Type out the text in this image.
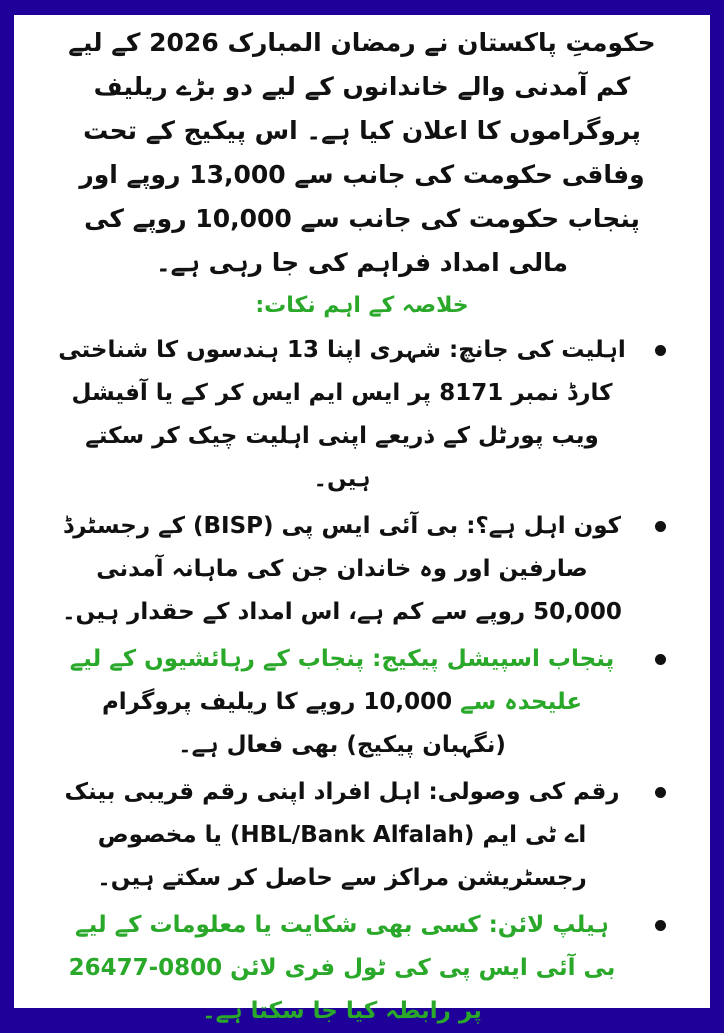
حکومتِ پاکستان نے رمضان المبارک 2026 کے لیے کم آمدنی والے خاندانوں کے لیے دو بڑے ریلیف پروگراموں کا اعلان کیا ہے۔ اس پیکیج کے تحت وفاقی حکومت کی جانب سے 13,000 روپے اور پنجاب حکومت کی جانب سے 10,000 روپے کی مالی امداد فراہم کی جا رہی ہے۔

خلاصہ کے اہم نکات:
اہلیت کی جانچ: شہری اپنا 13 ہندسوں کا شناختی کارڈ نمبر 8171 پر ایس ایم ایس کر کے یا آفیشل ویب پورٹل کے ذریعے اپنی اہلیت چیک کر سکتے ہیں۔
کون اہل ہے؟: بی آئی ایس پی (BISP) کے رجسٹرڈ صارفین اور وہ خاندان جن کی ماہانہ آمدنی 50,000 روپے سے کم ہے، اس امداد کے حقدار ہیں۔
پنجاب اسپیشل پیکیج: پنجاب کے رہائشیوں کے لیے علیحدہ سے 10,000 روپے کا ریلیف پروگرام (نگہبان پیکیج) بھی فعال ہے۔
رقم کی وصولی: اہل افراد اپنی رقم قریبی بینک اے ٹی ایم (HBL/Bank Alfalah) یا مخصوص رجسٹریشن مراکز سے حاصل کر سکتے ہیں۔
ہیلپ لائن: کسی بھی شکایت یا معلومات کے لیے بی آئی ایس پی کی ٹول فری لائن 0800-26477 پر رابطہ کیا جا سکتا ہے۔
